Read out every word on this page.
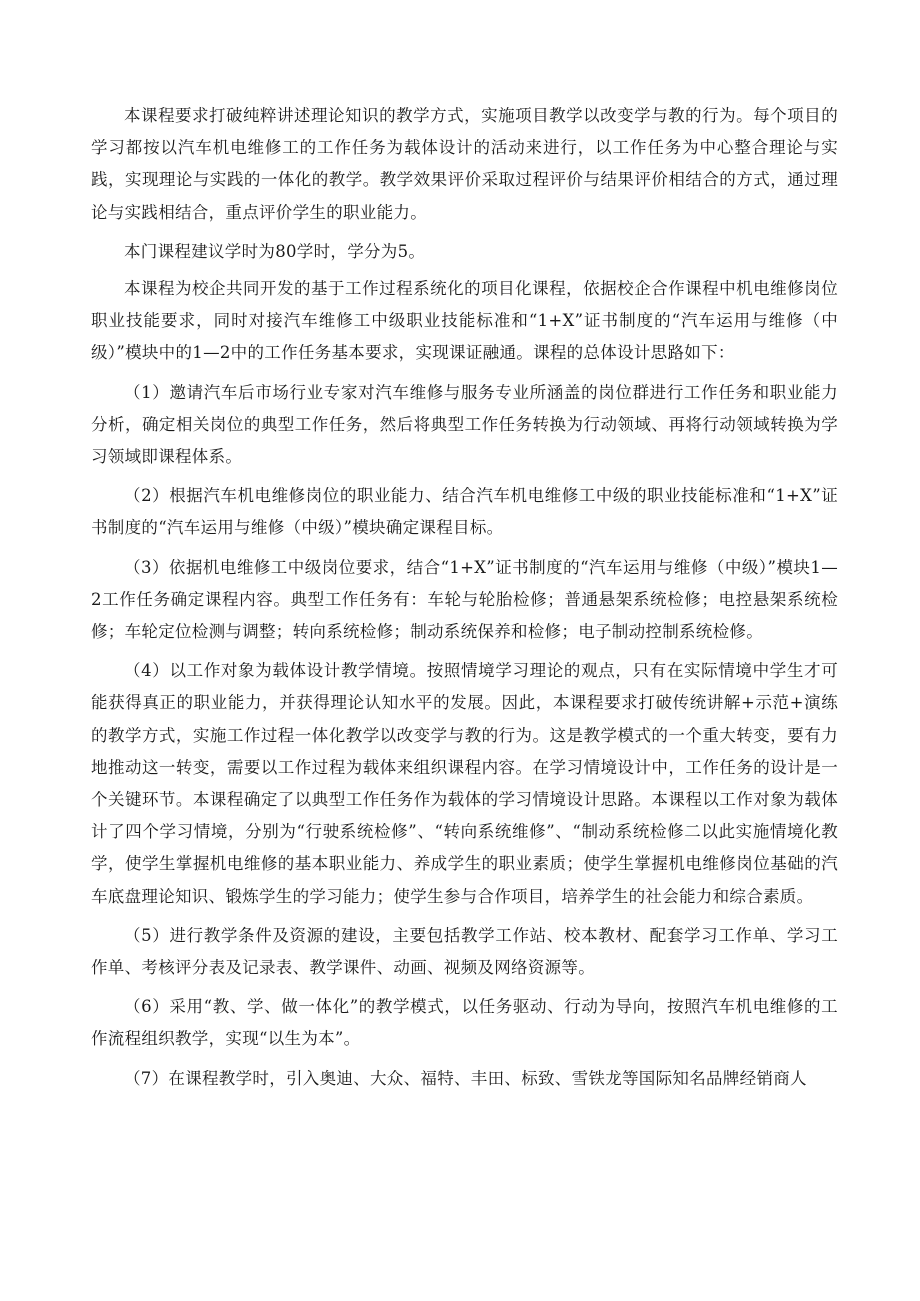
本课程要求打破纯粹讲述理论知识的教学方式，实施项目教学以改变学与教的行为。每个项目的学习都按以汽车机电维修工的工作任务为载体设计的活动来进行，以工作任务为中心整合理论与实践，实现理论与实践的一体化的教学。教学效果评价采取过程评价与结果评价相结合的方式，通过理论与实践相结合，重点评价学生的职业能力。

本门课程建议学时为80学时，学分为5。

本课程为校企共同开发的基于工作过程系统化的项目化课程，依据校企合作课程中机电维修岗位职业技能要求，同时对接汽车维修工中级职业技能标准和“1+X”证书制度的“汽车运用与维修（中级）”模块中的1—2中的工作任务基本要求，实现课证融通。课程的总体设计思路如下：

（1）邀请汽车后市场行业专家对汽车维修与服务专业所涵盖的岗位群进行工作任务和职业能力分析，确定相关岗位的典型工作任务，然后将典型工作任务转换为行动领域、再将行动领域转换为学习领域即课程体系。

（2）根据汽车机电维修岗位的职业能力、结合汽车机电维修工中级的职业技能标准和“1+X”证书制度的“汽车运用与维修（中级）”模块确定课程目标。

（3）依据机电维修工中级岗位要求，结合“1+X”证书制度的“汽车运用与维修（中级）”模块1—2工作任务确定课程内容。典型工作任务有：车轮与轮胎检修；普通悬架系统检修；电控悬架系统检修；车轮定位检测与调整；转向系统检修；制动系统保养和检修；电子制动控制系统检修。

（4）以工作对象为载体设计教学情境。按照情境学习理论的观点，只有在实际情境中学生才可能获得真正的职业能力，并获得理论认知水平的发展。因此，本课程要求打破传统讲解+示范+演练的教学方式，实施工作过程一体化教学以改变学与教的行为。这是教学模式的一个重大转变，要有力地推动这一转变，需要以工作过程为载体来组织课程内容。在学习情境设计中，工作任务的设计是一个关键环节。本课程确定了以典型工作任务作为载体的学习情境设计思路。本课程以工作对象为载体计了四个学习情境，分别为“行驶系统检修”、“转向系统维修”、“制动系统检修二以此实施情境化教学，使学生掌握机电维修的基本职业能力、养成学生的职业素质；使学生掌握机电维修岗位基础的汽车底盘理论知识、锻炼学生的学习能力；使学生参与合作项目，培养学生的社会能力和综合素质。

（5）进行教学条件及资源的建设，主要包括教学工作站、校本教材、配套学习工作单、学习工作单、考核评分表及记录表、教学课件、动画、视频及网络资源等。

（6）采用“教、学、做一体化”的教学模式，以任务驱动、行动为导向，按照汽车机电维修的工作流程组织教学，实现“以生为本”。

（7）在课程教学时，引入奥迪、大众、福特、丰田、标致、雪铁龙等国际知名品牌经销商人
